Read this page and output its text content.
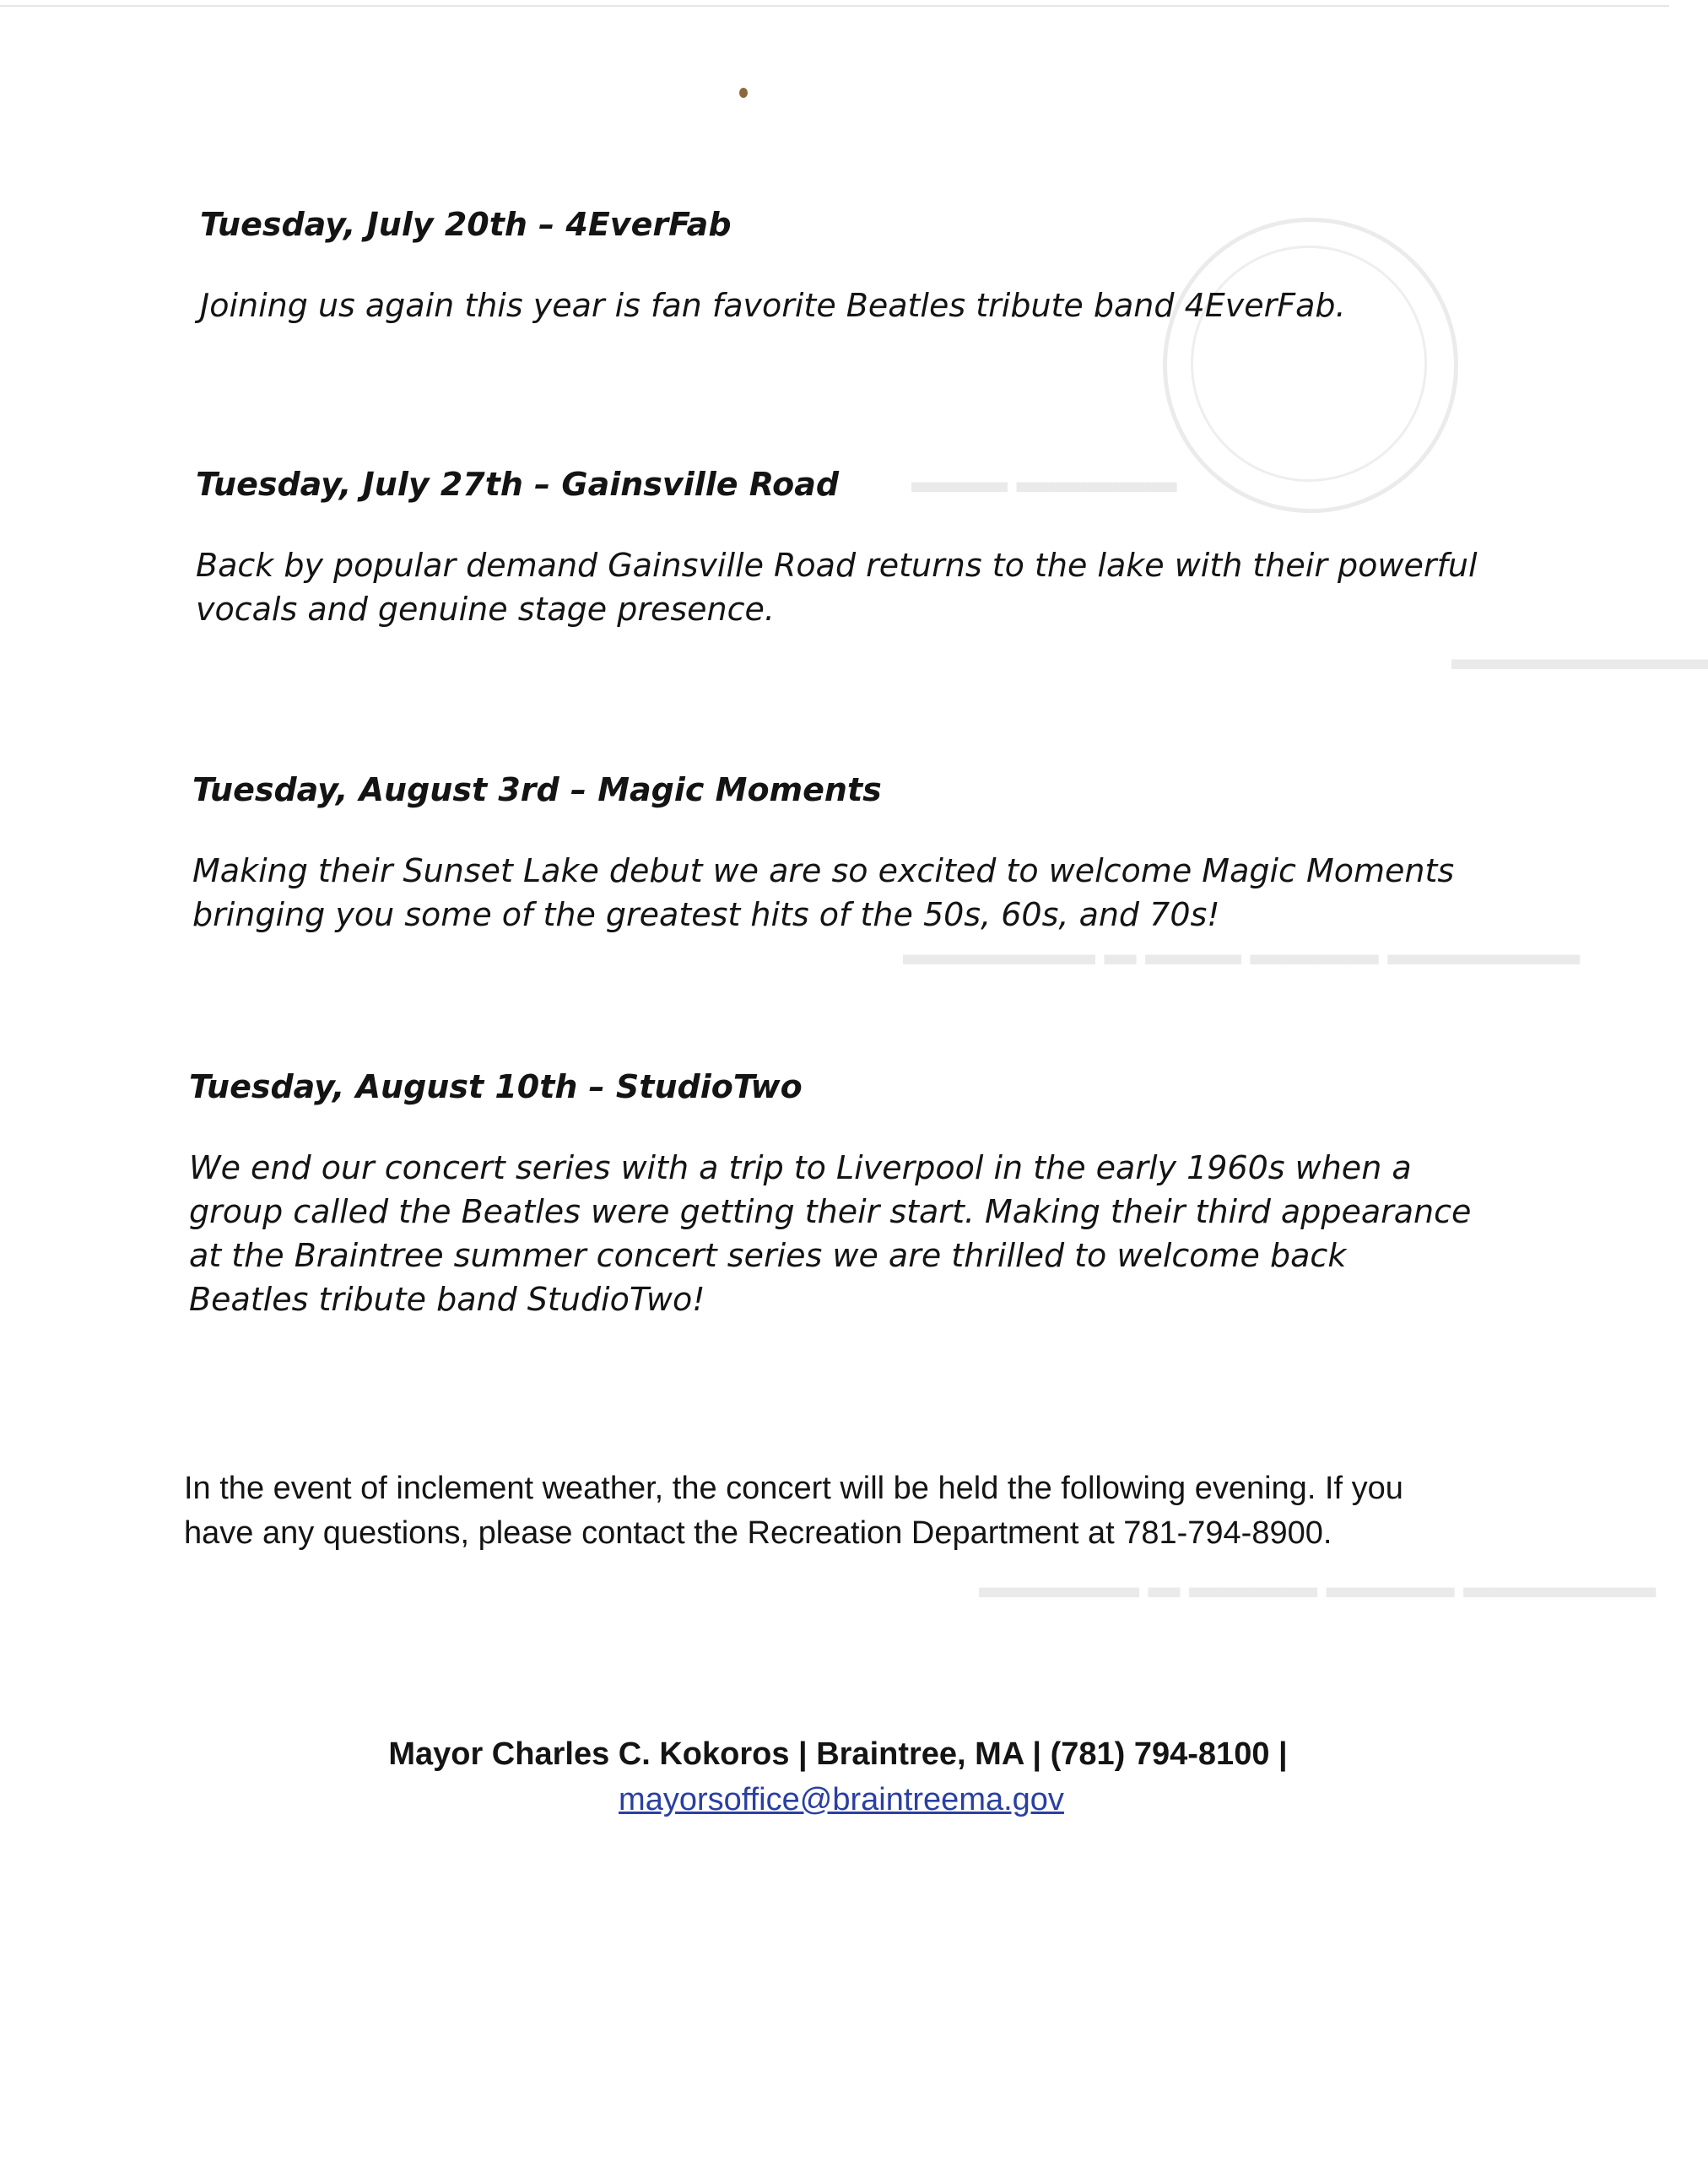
▬▬▬▬▬ ▬▬▬
▬▬▬▬▬▬▬▬
▬▬▬▬▬▬ ▬▬▬▬ ▬▬▬ ▬ ▬▬▬▬▬▬
▬▬▬▬▬▬ ▬▬▬▬ ▬▬▬▬ ▬ ▬▬▬▬▬
Tuesday, July 20th – 4EverFab

Joining us again this year is fan favorite Beatles tribute band 4EverFab.

Tuesday, July 27th – Gainsville Road

Back by popular demand Gainsville Road returns to the lake with their powerful vocals and genuine stage presence.

Tuesday, August 3rd – Magic Moments

Making their Sunset Lake debut we are so excited to welcome Magic Moments bringing you some of the greatest hits of the 50s, 60s, and 70s!

Tuesday, August 10th – StudioTwo

We end our concert series with a trip to Liverpool in the early 1960s when a group called the Beatles were getting their start. Making their third appearance at the Braintree summer concert series we are thrilled to welcome back Beatles tribute band StudioTwo!

In the event of inclement weather, the concert will be held the following evening. If you have any questions, please contact the Recreation Department at 781-794-8900.
Mayor Charles C. Kokoros | Braintree, MA | (781) 794-8100 |
mayorsoffice@braintreema.gov
